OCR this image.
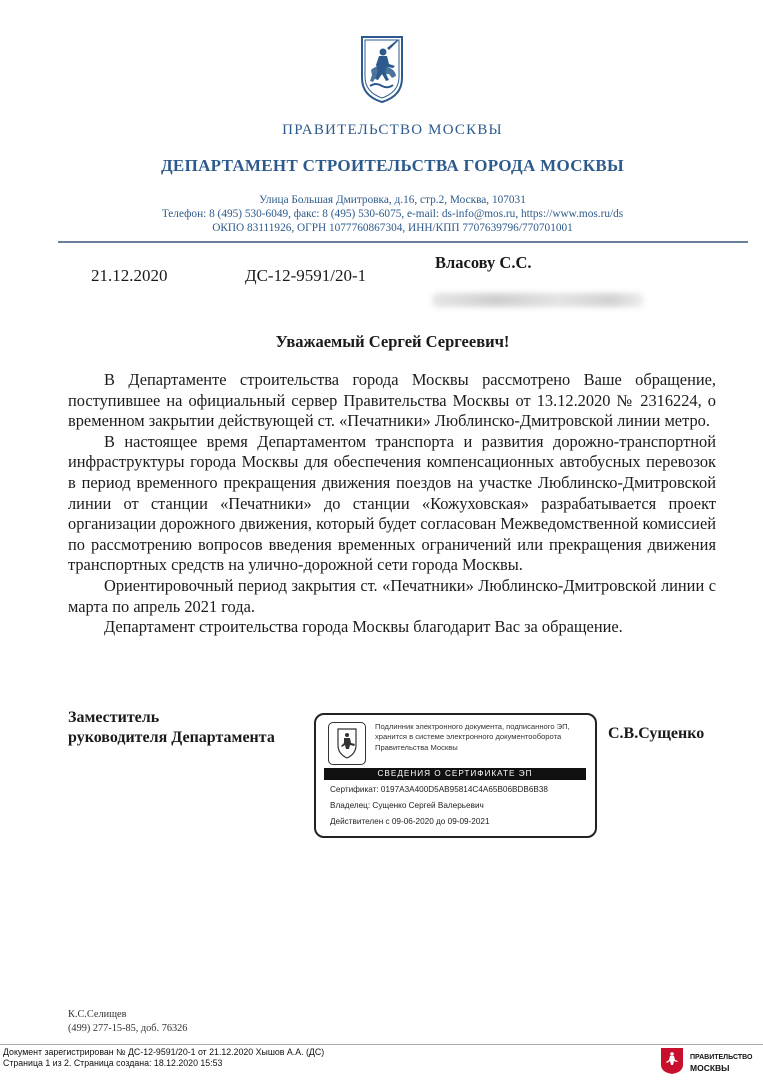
ПРАВИТЕЛЬСТВО МОСКВЫ
ДЕПАРТАМЕНТ СТРОИТЕЛЬСТВА ГОРОДА МОСКВЫ
Улица Большая Дмитровка, д.16, стр.2, Москва, 107031
Телефон: 8 (495) 530-6049, факс: 8 (495) 530-6075, e-mail: ds-info@mos.ru, https://www.mos.ru/ds
ОКПО 83111926, ОГРН 1077760867304, ИНН/КПП 7707639796/770701001
21.12.2020	ДС-12-9591/20-1
Власову С.С.
Уважаемый Сергей Сергеевич!

В Департаменте строительства города Москвы рассмотрено Ваше обращение, поступившее на официальный сервер Правительства Москвы от 13.12.2020 № 2316224, о временном закрытии действующей ст. «Печатники» Люблинско-Дмитровской линии метро.

В настоящее время Департаментом транспорта и развития дорожно-транспортной инфраструктуры города Москвы для обеспечения компенсационных автобусных перевозок в период временного прекращения движения поездов на участке Люблинско-Дмитровской линии от станции «Печатники» до станции «Кожуховская» разрабатывается проект организации дорожного движения, который будет согласован Межведомственной комиссией по рассмотрению вопросов введения временных ограничений или прекращения движения транспортных средств на улично-дорожной сети города Москвы.

Ориентировочный период закрытия ст. «Печатники» Люблинско-Дмитровской линии с марта по апрель 2021 года.

Департамент строительства города Москвы благодарит Вас за обращение.

Заместитель
руководителя Департамента
Подлинник электронного документа, подписанного ЭП,
хранится в системе электронного документооборота
Правительства Москвы
СВЕДЕНИЯ О СЕРТИФИКАТЕ ЭП
Сертификат: 0197A3A400D5AB95814C4A65B06BDB6B38
Владелец: Сущенко Сергей Валерьевич
Действителен с 09-06-2020 до 09-09-2021
С.В.Сущенко
К.С.Селищев
(499) 277-15-85, доб. 76326
Документ зарегистрирован № ДС-12-9591/20-1 от 21.12.2020 Хышов А.А. (ДС)
Страница 1 из 2. Страница создана: 18.12.2020 15:53
ПРАВИТЕЛЬСТВО
МОСКВЫ
